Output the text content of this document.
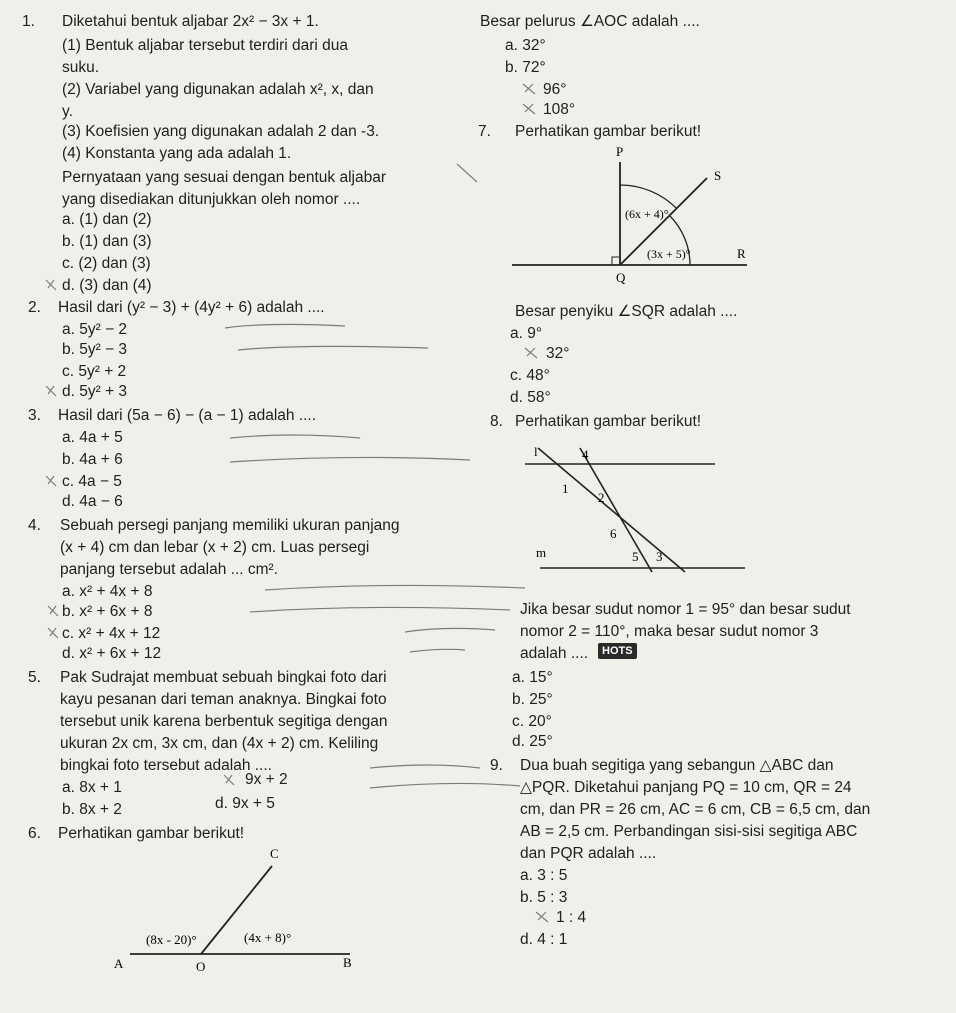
1. Diketahui bentuk aljabar 2x² − 3x + 1.
(1) Bentuk aljabar tersebut terdiri dari dua
suku.
(2) Variabel yang digunakan adalah x², x, dan
y.
(3) Koefisien yang digunakan adalah 2 dan -3.
(4) Konstanta yang ada adalah 1.
Pernyataan yang sesuai dengan bentuk aljabar
yang disediakan ditunjukkan oleh nomor ....
a. (1) dan (2)
b. (1) dan (3)
c. (2) dan (3)
d. (3) dan (4)
2. Hasil dari (y² − 3) + (4y² + 6) adalah ....
a. 5y² − 2
b. 5y² − 3
c. 5y² + 2
d. 5y² + 3
3. Hasil dari (5a − 6) − (a − 1) adalah ....
a. 4a + 5
b. 4a + 6
c. 4a − 5
d. 4a − 6
4. Sebuah persegi panjang memiliki ukuran panjang
(x + 4) cm dan lebar (x + 2) cm. Luas persegi
panjang tersebut adalah ... cm².
a. x² + 4x + 8
b. x² + 6x + 8
c. x² + 4x + 12
d. x² + 6x + 12
5. Pak Sudrajat membuat sebuah bingkai foto dari
kayu pesanan dari teman anaknya. Bingkai foto
tersebut unik karena berbentuk segitiga dengan
ukuran 2x cm, 3x cm, dan (4x + 2) cm. Keliling
bingkai foto tersebut adalah ....
a. 8x + 1
b. 8x + 2
9x + 2
d. 9x + 5
6. Perhatikan gambar berikut!
C
A	O	B
(8x - 20)°	(4x + 8)°
Besar pelurus ∠AOC adalah ....
a. 32°
b. 72°
96°
108°
7. Perhatikan gambar berikut!
P
S
R
Q
(6x + 4)°
(3x + 5)°
Besar penyiku ∠SQR adalah ....
a. 9°
32°
c. 48°
d. 58°
8. Perhatikan gambar berikut!
l
m
4
1
2
6
5 3
Jika besar sudut nomor 1 = 95° dan besar sudut
nomor 2 = 110°, maka besar sudut nomor 3
adalah ....	HOTS
a. 15°
b. 25°
c. 20°
d. 25°
9. Dua buah segitiga yang sebangun △ABC dan
△PQR. Diketahui panjang PQ = 10 cm, QR = 24
cm, dan PR = 26 cm, AC = 6 cm, CB = 6,5 cm, dan
AB = 2,5 cm. Perbandingan sisi-sisi segitiga ABC
dan PQR adalah ....
a. 3 : 5
b. 5 : 3
1 : 4
d. 4 : 1
